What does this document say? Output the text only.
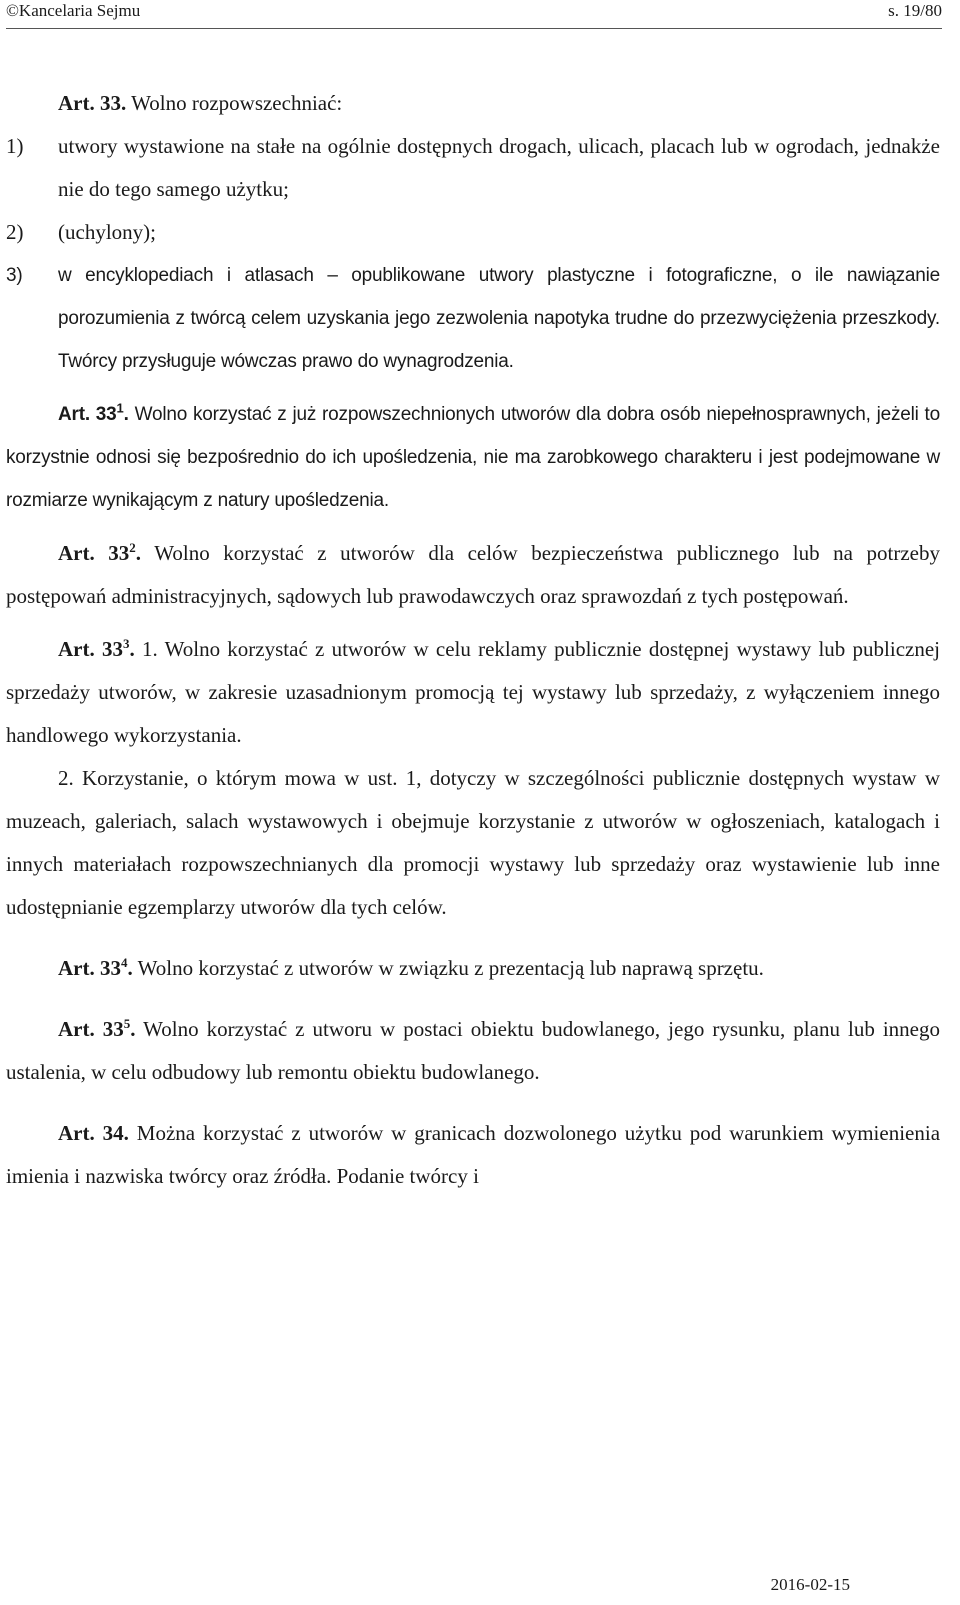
©Kancelaria Sejmu	s. 19/80

Art. 33. Wolno rozpowszechniać:

1)	utwory wystawione na stałe na ogólnie dostępnych drogach, ulicach, placach lub w ogrodach, jednakże nie do tego samego użytku;
2)	(uchylony);
3)	w encyklopediach i atlasach – opublikowane utwory plastyczne i fotograficzne, o ile nawiązanie porozumienia z twórcą celem uzyskania jego zezwolenia napotyka trudne do przezwyciężenia przeszkody. Twórcy przysługuje wówczas prawo do wynagrodzenia.

Art. $33^1$. Wolno korzystać z już rozpowszechnionych utworów dla dobra osób niepełnosprawnych, jeżeli to korzystnie odnosi się bezpośrednio do ich upośledzenia, nie ma zarobkowego charakteru i jest podejmowane w rozmiarze wynikającym z natury upośledzenia.

Art. $33^2$. Wolno korzystać z utworów dla celów bezpieczeństwa publicznego lub na potrzeby postępowań administracyjnych, sądowych lub prawodawczych oraz sprawozdań z tych postępowań.

Art. $33^3$. 1. Wolno korzystać z utworów w celu reklamy publicznie dostępnej wystawy lub publicznej sprzedaży utworów, w zakresie uzasadnionym promocją tej wystawy lub sprzedaży, z wyłączeniem innego handlowego wykorzystania.

2. Korzystanie, o którym mowa w ust. 1, dotyczy w szczególności publicznie dostępnych wystaw w muzeach, galeriach, salach wystawowych i obejmuje korzystanie z utworów w ogłoszeniach, katalogach i innych materiałach rozpowszechnianych dla promocji wystawy lub sprzedaży oraz wystawienie lub inne udostępnianie egzemplarzy utworów dla tych celów.

Art. $33^4$. Wolno korzystać z utworów w związku z prezentacją lub naprawą sprzętu.

Art. $33^5$. Wolno korzystać z utworu w postaci obiektu budowlanego, jego rysunku, planu lub innego ustalenia, w celu odbudowy lub remontu obiektu budowlanego.

Art. 34. Można korzystać z utworów w granicach dozwolonego użytku pod warunkiem wymienienia imienia i nazwiska twórcy oraz źródła. Podanie twórcy i

2016-02-15
